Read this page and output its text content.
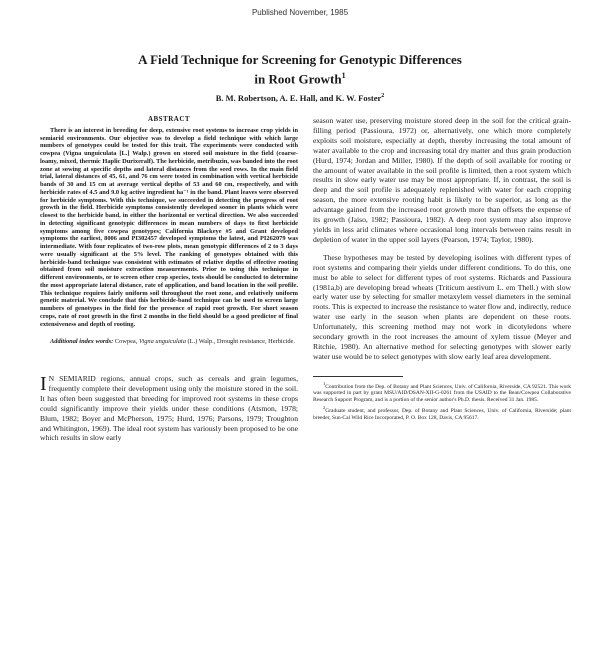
Published November, 1985
A Field Technique for Screening for Genotypic Differences
in Root Growth$^1$
B. M. Robertson, A. E. Hall, and K. W. Foster$^2$
ABSTRACT

There is an interest in breeding for deep, extensive root systems to increase crop yields in semiarid environments. Our objective was to develop a field technique with which large numbers of genotypes could be tested for this trait. The experiments were conducted with cowpea (Vigna unguiculata [L.] Walp.) grown on stored soil moisture in the field (coarse-loamy, mixed, thermic Haplic Durixeralf). The herbicide, metribuzin, was banded into the root zone at sowing at specific depths and lateral distances from the seed rows. In the main field trial, lateral distances of 45, 61, and 76 cm were tested in combination with vertical herbicide bands of 30 and 15 cm at average vertical depths of 53 and 60 cm, respectively, and with herbicide rates of 4.5 and 9.0 kg active ingredient ha⁻¹ in the band. Plant leaves were observed for herbicide symptoms. With this technique, we succeeded in detecting the progress of root growth in the field. Herbicide symptoms consistently developed sooner in plants which were closest to the herbicide band, in either the horizontal or vertical direction. We also succeeded in detecting significant genotypic differences in mean numbers of days to first herbicide symptoms among five cowpea genotypes; California Blackeye #5 and Grant developed symptoms the earliest, 8006 and PI302457 developed symptoms the latest, and PI262079 was intermediate. With four replicates of two-row plots, mean genotypic differences of 2 to 3 days were usually significant at the 5% level. The ranking of genotypes obtained with this herbicide-band technique was consistent with estimates of relative depths of effective rooting obtained from soil moisture extraction measurements. Prior to using this technique in different environments, or to screen other crop species, tests should be conducted to determine the most appropriate lateral distance, rate of application, and band location in the soil profile. This technique requires fairly uniform soil throughout the root zone, and relatively uniform genetic material. We conclude that this herbicide-band technique can be used to screen large numbers of genotypes in the field for the presence of rapid root growth. For short season crops, rate of root growth in the first 2 months in the field should be a good predictor of final extensiveness and depth of rooting.

Additional index words: Cowpea, Vigna unguiculata (L.) Walp., Drought resistance, Herbicide.

I N SEMIARID regions, annual crops, such as cereals and grain legumes, frequently complete their development using only the moisture stored in the soil. It has often been suggested that breeding for improved root systems in these crops could significantly improve their yields under these conditions (Atsmon, 1978; Blum, 1982; Boyer and McPherson, 1975; Hurd, 1976; Parsons, 1979; Troughton and Whitington, 1969). The ideal root system has variously been proposed to be one which results in slow early

season water use, preserving moisture stored deep in the soil for the critical grain-filling period (Passioura, 1972) or, alternatively, one which more completely exploits soil moisture, especially at depth, thereby increasing the total amount of water available to the crop and increasing total dry matter and thus grain production (Hurd, 1974; Jordan and Miller, 1980). If the depth of soil available for rooting or the amount of water available in the soil profile is limited, then a root system which results in slow early water use may be most appropriate. If, in contrast, the soil is deep and the soil profile is adequately replenished with water for each cropping season, the more extensive rooting habit is likely to be superior, as long as the advantage gained from the increased root growth more than offsets the expense of its growth (Jaiso, 1982; Passioura, 1982). A deep root system may also improve yields in less arid climates where occasional long intervals between rains result in depletion of water in the upper soil layers (Pearson, 1974; Taylor, 1980).

These hypotheses may be tested by developing isolines with different types of root systems and comparing their yields under different conditions. To do this, one must be able to select for different types of root systems. Richards and Passioura (1981a,b) are developing bread wheats (Triticum aestivum L. em Thell.) with slow early water use by selecting for smaller metaxylem vessel diameters in the seminal roots. This is expected to increase the resistance to water flow and, indirectly, reduce water use early in the season when plants are dependent on these roots. Unfortunately, this screening method may not work in dicotyledons where secondary growth in the root increases the amount of xylem tissue (Meyer and Ritchie, 1980). An alternative method for selecting genotypes with slower early water use would be to select genotypes with slow early leaf area development.

$^1$Contribution from the Dep. of Botany and Plant Sciences, Univ. of California, Riverside, CA 92521. This work was supported in part by grant MSU/AID/DSAN-XII-G-0261 from the USAID to the Bean/Cowpea Collaborative Research Support Program, and is a portion of the senior author's Ph.D. thesis. Received 31 Jan. 1985.

$^2$Graduate student, and professor, Dep. of Botany and Plant Sciences, Univ. of California, Riverside; plant breeder, Sun-Cal Wild Rice Incorporated, P. O. Box 128, Davis, CA 95617.
